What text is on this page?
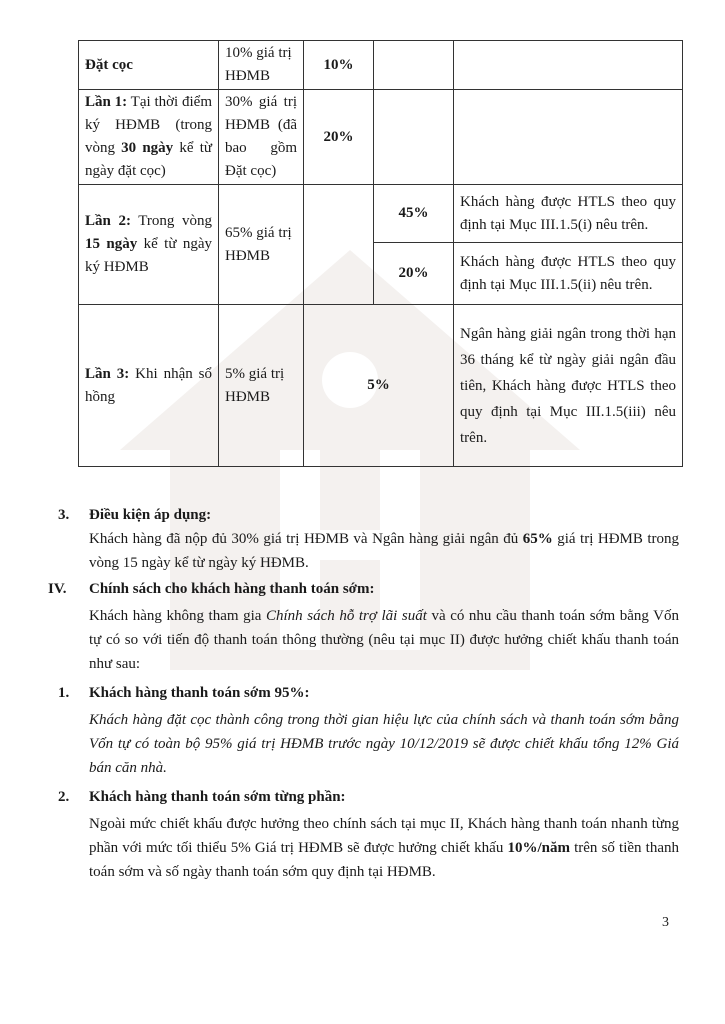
Đặt cọc	10% giá trị HĐMB	10%		
Lần 1: Tại thời điểm ký HĐMB (trong vòng 30 ngày kể từ ngày đặt cọc)	30% giá trị HĐMB (đã bao gồm Đặt cọc)	20%		
Lần 2: Trong vòng 15 ngày kể từ ngày ký HĐMB	65% giá trị HĐMB		45%	Khách hàng được HTLS theo quy định tại Mục III.1.5(i) nêu trên.
			20%	Khách hàng được HTLS theo quy định tại Mục III.1.5(ii) nêu trên.
Lần 3: Khi nhận sổ hồng	5% giá trị HĐMB	5%		Ngân hàng giải ngân trong thời hạn 36 tháng kể từ ngày giải ngân đầu tiên, Khách hàng được HTLS theo quy định tại Mục III.1.5(iii) nêu trên.
3. Điều kiện áp dụng:
Khách hàng đã nộp đủ 30% giá trị HĐMB và Ngân hàng giải ngân đủ 65% giá trị HĐMB trong vòng 15 ngày kể từ ngày ký HĐMB.
IV. Chính sách cho khách hàng thanh toán sớm:
Khách hàng không tham gia Chính sách hỗ trợ lãi suất và có nhu cầu thanh toán sớm bằng Vốn tự có so với tiến độ thanh toán thông thường (nêu tại mục II) được hưởng chiết khấu thanh toán như sau:
1. Khách hàng thanh toán sớm 95%:
Khách hàng đặt cọc thành công trong thời gian hiệu lực của chính sách và thanh toán sớm bằng Vốn tự có toàn bộ 95% giá trị HĐMB trước ngày 10/12/2019 sẽ được chiết khấu tổng 12% Giá bán căn nhà.
2. Khách hàng thanh toán sớm từng phần:
Ngoài mức chiết khấu được hưởng theo chính sách tại mục II, Khách hàng thanh toán nhanh từng phần với mức tối thiểu 5% Giá trị HĐMB sẽ được hưởng chiết khấu 10%/năm trên số tiền thanh toán sớm và số ngày thanh toán sớm quy định tại HĐMB.
3
